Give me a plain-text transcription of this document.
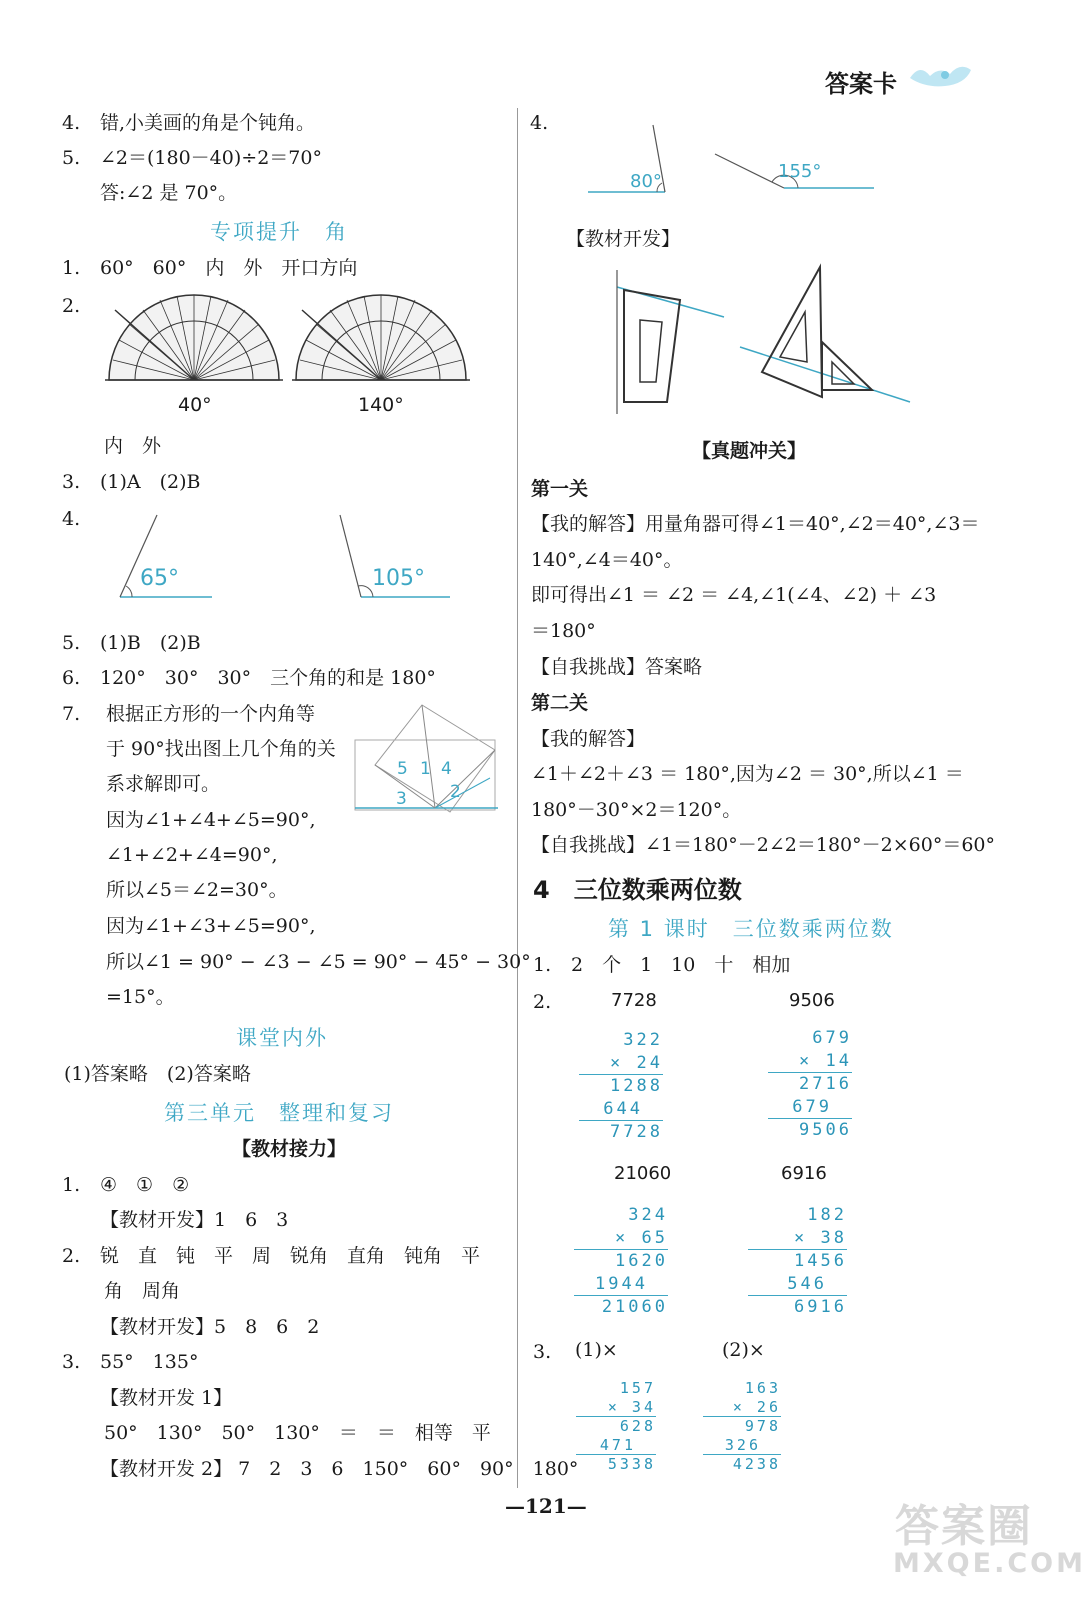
答案卡
4. 错,小美画的角是个钝角。
5. ∠2＝(180－40)÷2＝70°
答:∠2 是 70°。
专项提升　角
1. 60°　60°　内　外　开口方向
2.
40°	140°
内　外
3. (1)A　(2)B
4.
65°	105°
5. (1)B　(2)B
6. 120°　30°　30°　三个角的和是 180°
7. 根据正方形的一个内角等
于 90°找出图上几个角的关
系求解即可。
因为∠1+∠4+∠5=90°,
∠1+∠2+∠4=90°,
所以∠5＝∠2=30°。
因为∠1+∠3+∠5=90°,
所以∠1 = 90° − ∠3 − ∠5 = 90° − 45° − 30°
=15°。
5 1 4
3	2
课堂内外
(1)答案略　(2)答案略
第三单元　整理和复习
【教材接力】
1. ④　①　②
【教材开发】1　6　3
2. 锐　直　钝　平　周　锐角　直角　钝角　平
角　周角
【教材开发】5　8　6　2
3. 55°　135°
【教材开发 1】
50°　130°　50°　130°　＝　＝　相等　平
【教材开发 2】 7　2　3　6　150°　60°　90°　180°
4.
80°	155°
【教材开发】
【真题冲关】
第一关
【我的解答】用量角器可得∠1＝40°,∠2＝40°,∠3＝
140°,∠4＝40°。
即可得出∠1 ＝ ∠2 ＝ ∠4,∠1(∠4、∠2) ＋ ∠3
＝180°
【自我挑战】答案略
第二关
【我的解答】
∠1＋∠2＋∠3 ＝ 180°,因为∠2 ＝ 30°,所以∠1 ＝
180°－30°×2＝120°。
【自我挑战】∠1＝180°－2∠2＝180°－2×60°＝60°
4　三位数乘两位数
第 1 课时　三位数乘两位数
1. 2　个　1　10　十　相加
2.	7728	9506
21060	6916
322
× 24
1288
644
7728
679
× 14
2716
679
9506
324
× 65
1620
1944
21060
182
× 38
1456
546
6916
3. (1)×	(2)×
157
× 34
628
471
5338
163
× 26
978
326
4238
—121—	答案圈
MXQE.COM
